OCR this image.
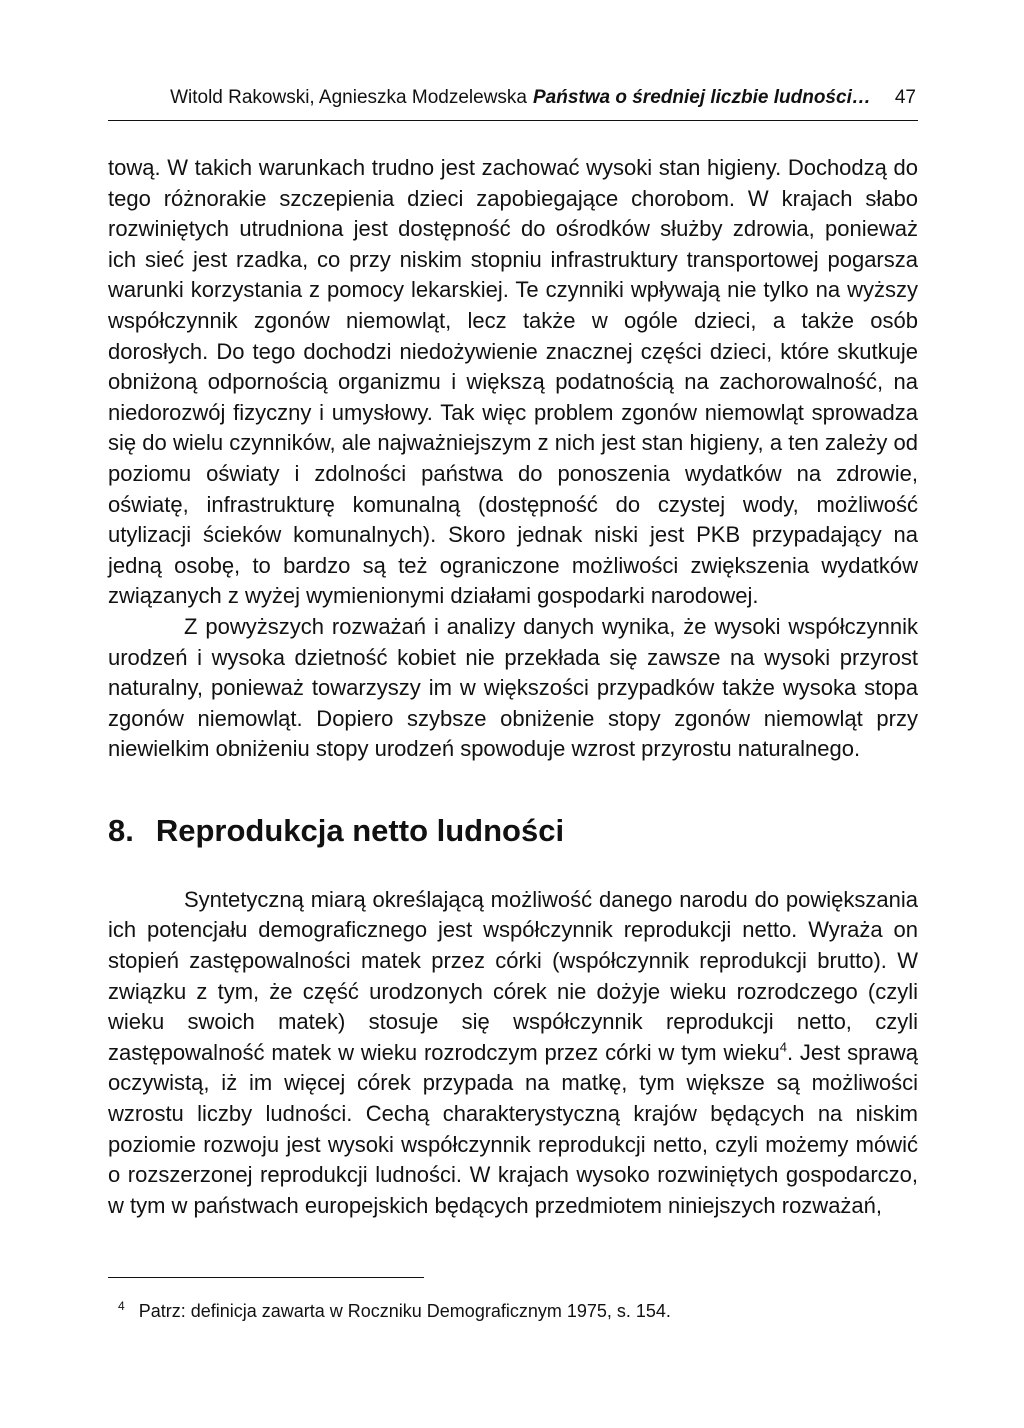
Witold Rakowski, Agnieszka Modzelewska Państwa o średniej liczbie ludności… 47

tową. W takich warunkach trudno jest zachować wysoki stan higieny. Dochodzą do tego różnorakie szczepienia dzieci zapobiegające chorobom. W krajach słabo rozwiniętych utrudniona jest dostępność do ośrodków służby zdrowia, ponieważ ich sieć jest rzadka, co przy niskim stopniu infrastruktury transportowej pogarsza warunki korzystania z pomocy lekarskiej. Te czynniki wpływają nie tylko na wyższy współczynnik zgonów niemowląt, lecz także w ogóle dzieci, a także osób dorosłych. Do tego dochodzi niedożywienie znacznej części dzieci, które skutkuje obniżoną odpornością organizmu i większą podatnością na zachorowalność, na niedorozwój fizyczny i umysłowy. Tak więc problem zgonów niemowląt sprowadza się do wielu czynników, ale najważniejszym z nich jest stan higieny, a ten zależy od poziomu oświaty i zdolności państwa do ponoszenia wydatków na zdrowie, oświatę, infrastrukturę komunalną (dostępność do czystej wody, możliwość utylizacji ścieków komunalnych). Skoro jednak niski jest PKB przypadający na jedną osobę, to bardzo są też ograniczone możliwości zwiększenia wydatków związanych z wyżej wymienionymi działami gospodarki narodowej.

Z powyższych rozważań i analizy danych wynika, że wysoki współczynnik urodzeń i wysoka dzietność kobiet nie przekłada się zawsze na wysoki przyrost naturalny, ponieważ towarzyszy im w większości przypadków także wysoka stopa zgonów niemowląt. Dopiero szybsze obniżenie stopy zgonów niemowląt przy niewielkim obniżeniu stopy urodzeń spowoduje wzrost przyrostu naturalnego.

8. Reprodukcja netto ludności

Syntetyczną miarą określającą możliwość danego narodu do powiększania ich potencjału demograficznego jest współczynnik reprodukcji netto. Wyraża on stopień zastępowalności matek przez córki (współczynnik reprodukcji brutto). W związku z tym, że część urodzonych córek nie dożyje wieku rozrodczego (czyli wieku swoich matek) stosuje się współczynnik reprodukcji netto, czyli zastępowalność matek w wieku rozrodczym przez córki w tym wieku$^4$. Jest sprawą oczywistą, iż im więcej córek przypada na matkę, tym większe są możliwości wzrostu liczby ludności. Cechą charakterystyczną krajów będących na niskim poziomie rozwoju jest wysoki współczynnik reprodukcji netto, czyli możemy mówić o rozszerzonej reprodukcji ludności. W krajach wysoko rozwiniętych gospodarczo, w tym w państwach europejskich będących przedmiotem niniejszych rozważań,

$^4$ Patrz: definicja zawarta w Roczniku Demograficznym 1975, s. 154.
